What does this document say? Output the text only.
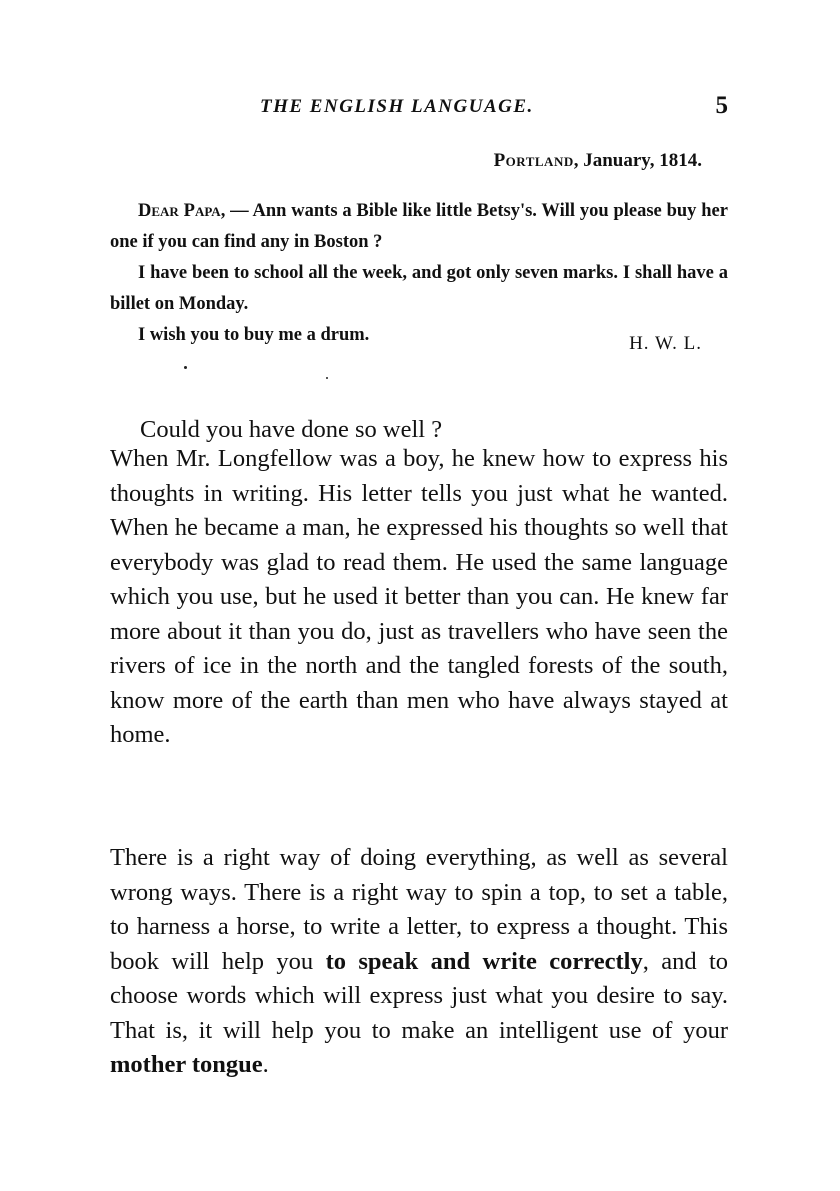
THE ENGLISH LANGUAGE.	5
Portland, January, 1814.

Dear Papa, — Ann wants a Bible like little Betsy's. Will you please buy her one if you can find any in Boston ?

I have been to school all the week, and got only seven marks. I shall have a billet on Monday.

I wish you to buy me a drum.	H. W. L.

Could you have done so well ?

When Mr. Longfellow was a boy, he knew how to express his thoughts in writing. His letter tells you just what he wanted. When he became a man, he expressed his thoughts so well that everybody was glad to read them. He used the same language which you use, but he used it better than you can. He knew far more about it than you do, just as travellers who have seen the rivers of ice in the north and the tangled forests of the south, know more of the earth than men who have always stayed at home.

There is a right way of doing everything, as well as several wrong ways. There is a right way to spin a top, to set a table, to harness a horse, to write a letter, to express a thought. This book will help you to speak and write correctly, and to choose words which will express just what you desire to say. That is, it will help you to make an intelligent use of your mother tongue.
